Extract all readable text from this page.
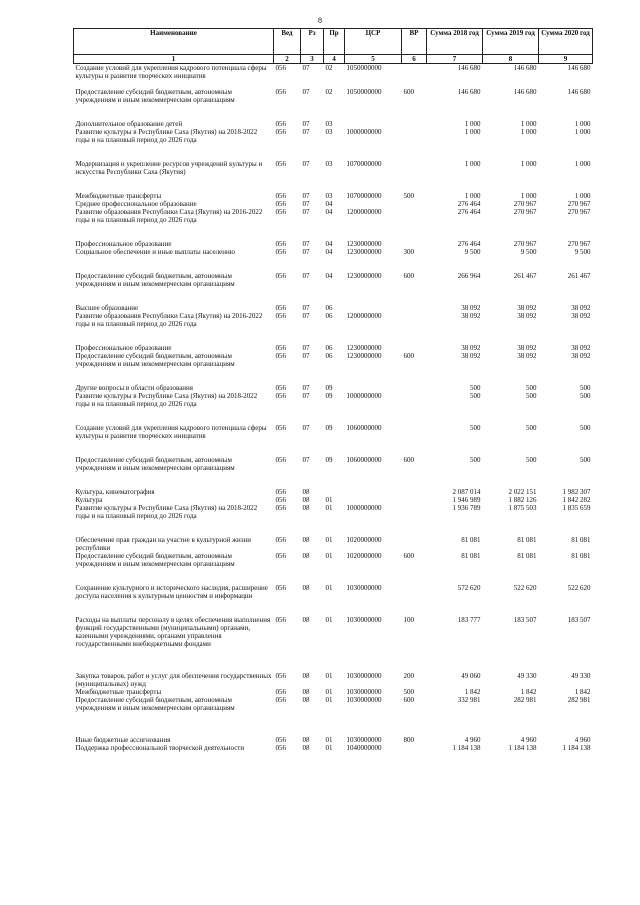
8
Наименование	Вед	Рз	Пр	ЦСР	ВР	Сумма 2018 год	Сумма 2019 год	Сумма 2020 год
1	2	3	4	5	6	7	8	9
Создание условий для укрепления кадрового потенциала сферы культуры и развития творческих инициатив	056	07	02	1050000000		146 680	146 680	146 680
Предоставление субсидий бюджетным, автономным учреждениям и иным некоммерческим организациям	056	07	02	1050000000	600	146 680	146 680	146 680
Дополнительное образование детей	056	07	03			1 000	1 000	1 000
Развитие культуры в Республике Саха (Якутия) на 2018-2022 годы и на плановый период до 2026 года	056	07	03	1000000000		1 000	1 000	1 000
Модернизация и укрепление ресурсов учреждений культуры и искусства Республики Саха (Якутия)	056	07	03	1070000000		1 000	1 000	1 000
Межбюджетные трансферты	056	07	03	1070000000	500	1 000	1 000	1 000
Среднее профессиональное образование	056	07	04			276 464	270 967	270 967
Развитие образования Республики Саха (Якутия) на 2016-2022 годы и на плановый период до 2026 года	056	07	04	1200000000		276 464	270 967	270 967
Профессиональное образование	056	07	04	1230000000		276 464	270 967	270 967
Социальное обеспечение и иные выплаты населению	056	07	04	1230000000	300	9 500	9 500	9 500
Предоставление субсидий бюджетным, автономным учреждениям и иным некоммерческим организациям	056	07	04	1230000000	600	266 964	261 467	261 467
Высшее образование	056	07	06			38 092	38 092	38 092
Развитие образования Республики Саха (Якутия) на 2016-2022 годы и на плановый период до 2026 года	056	07	06	1200000000		38 092	38 092	38 092
Профессиональное образование	056	07	06	1230000000		38 092	38 092	38 092
Предоставление субсидий бюджетным, автономным учреждениям и иным некоммерческим организациям	056	07	06	1230000000	600	38 092	38 092	38 092
Другие вопросы в области образования	056	07	09			500	500	500
Развитие культуры в Республике Саха (Якутия) на 2018-2022 годы и на плановый период до 2026 года	056	07	09	1000000000		500	500	500
Создание условий для укрепления кадрового потенциала сферы культуры и развития творческих инициатив	056	07	09	1060000000		500	500	500
Предоставление субсидий бюджетным, автономным учреждениям и иным некоммерческим организациям	056	07	09	1060000000	600	500	500	500
Культура, кинематография	056	08				2 087 014	2 022 151	1 982 307
Культура	056	08	01			1 946 989	1 882 126	1 842 282
Развитие культуры в Республике Саха (Якутия) на 2018-2022 годы и на плановый период до 2026 года	056	08	01	1000000000		1 936 789	1 875 503	1 835 659
Обеспечение прав граждан на участие в культурной жизни республики	056	08	01	1020000000		81 081	81 081	81 081
Предоставление субсидий бюджетным, автономным учреждениям и иным некоммерческим организациям	056	08	01	1020000000	600	81 081	81 081	81 081
Сохранение культурного и исторического наследия, расширение доступа населения к культурным ценностям и информации	056	08	01	1030000000		572 620	522 620	522 620
Расходы на выплаты персоналу в целях обеспечения выполнения функций государственными (муниципальными) органами, казенными учреждениями, органами управления государственными внебюджетными фондами	056	08	01	1030000000	100	183 777	183 507	183 507
Закупка товаров, работ и услуг для обеспечения государственных (муниципальных) нужд	056	08	01	1030000000	200	49 060	49 330	49 330
Межбюджетные трансферты	056	08	01	1030000000	500	1 842	1 842	1 842
Предоставление субсидий бюджетным, автономным учреждениям и иным некоммерческим организациям	056	08	01	1030000000	600	332 981	282 981	282 981
Иные бюджетные ассигнования	056	08	01	1030000000	800	4 960	4 960	4 960
Поддержка профессиональной творческой деятельности	056	08	01	1040000000		1 184 138	1 184 138	1 184 138
